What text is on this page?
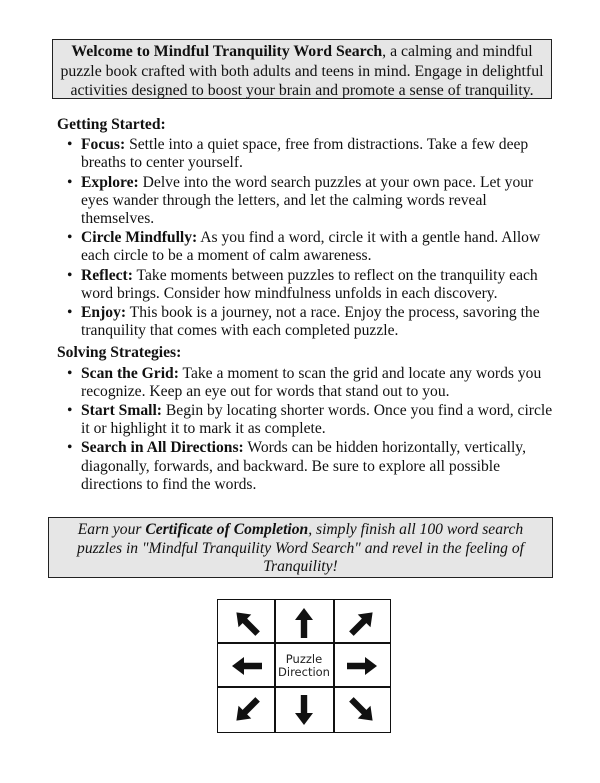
Welcome to Mindful Tranquility Word Search, a calming and mindful puzzle book crafted with both adults and teens in mind. Engage in delightful activities designed to boost your brain and promote a sense of tranquility.

Getting Started:

• Focus: Settle into a quiet space, free from distractions. Take a few deep breaths to center yourself.
• Explore: Delve into the word search puzzles at your own pace. Let your eyes wander through the letters, and let the calming words reveal themselves.
• Circle Mindfully: As you find a word, circle it with a gentle hand. Allow each circle to be a moment of calm awareness.
• Reflect: Take moments between puzzles to reflect on the tranquility each word brings. Consider how mindfulness unfolds in each discovery.
• Enjoy: This book is a journey, not a race. Enjoy the process, savoring the tranquility that comes with each completed puzzle.

Solving Strategies:

• Scan the Grid: Take a moment to scan the grid and locate any words you recognize. Keep an eye out for words that stand out to you.
• Start Small: Begin by locating shorter words. Once you find a word, circle it or highlight it to mark it as complete.
• Search in All Directions: Words can be hidden horizontally, vertically, diagonally, forwards, and backward. Be sure to explore all possible directions to find the words.
Earn your Certificate of Completion, simply finish all 100 word search puzzles in "Mindful Tranquility Word Search" and revel in the feeling of Tranquility!
Puzzle
Direction
